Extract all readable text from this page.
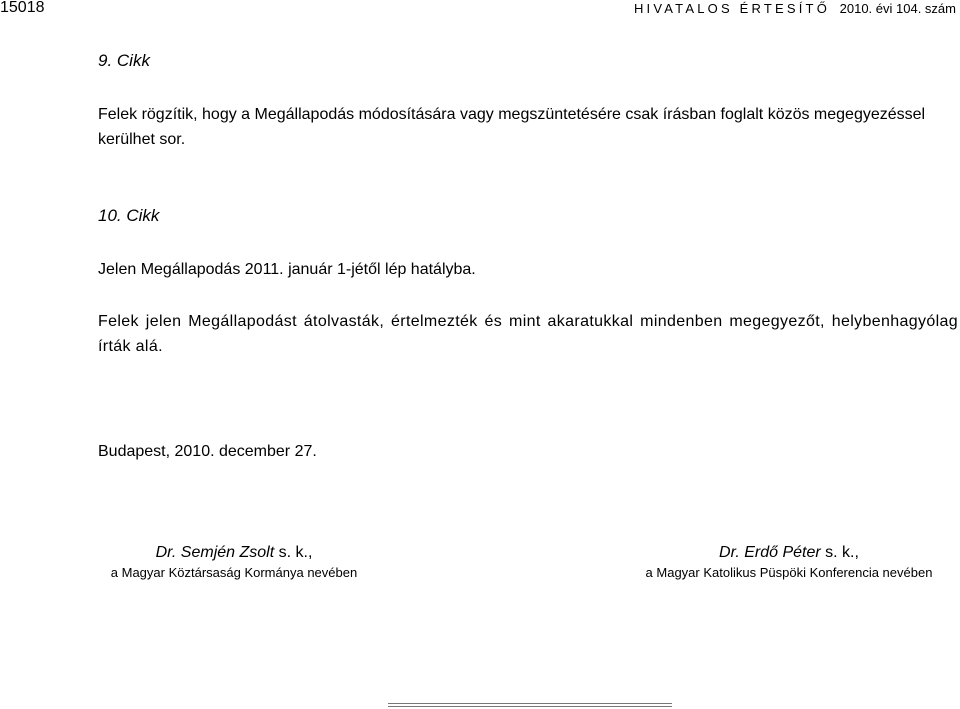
15018	HIVATALOS ÉRTESÍTŐ 2010. évi 104. szám
9. Cikk

Felek rögzítik, hogy a Megállapodás módosítására vagy megszüntetésére csak írásban foglalt közös megegyezéssel kerülhet sor.

10. Cikk

Jelen Megállapodás 2011. január 1-jétől lép hatályba.

Felek jelen Megállapodást átolvasták, értelmezték és mint akaratukkal mindenben megegyezőt, helybenhagyólag írták alá.

Budapest, 2010. december 27.

Dr. Semjén Zsolt s. k.,
a Magyar Köztársaság Kormánya nevében
Dr. Erdő Péter s. k.,
a Magyar Katolikus Püspöki Konferencia nevében
